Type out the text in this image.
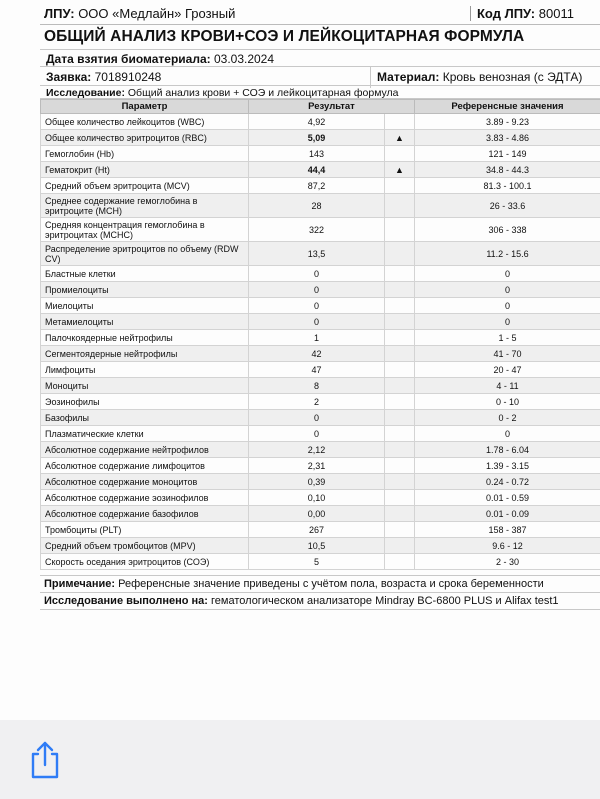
ЛПУ: ООО «Медлайн» Грозный	Код ЛПУ: 80011
ОБЩИЙ АНАЛИЗ КРОВИ+СОЭ И ЛЕЙКОЦИТАРНАЯ ФОРМУЛА
Дата взятия биоматериала: 03.03.2024
Заявка: 7018910248	Материал: Кровь венозная (с ЭДТА)
Исследование: Общий анализ крови + СОЭ и лейкоцитарная формула
Параметр	Результат		Референсные значения
Общее количество лейкоцитов (WBC)	4,92		3.89 - 9.23
Общее количество эритроцитов (RBC)	5,09	▲	3.83 - 4.86
Гемоглобин (Hb)	143		121 - 149
Гематокрит (Ht)	44,4	▲	34.8 - 44.3
Средний объем эритроцита (MCV)	87,2		81.3 - 100.1
Среднее содержание гемоглобина в эритроците (MCH)	28		26 - 33.6
Средняя концентрация гемоглобина в эритроцитах (MCHC)	322		306 - 338
Распределение эритроцитов по объему (RDW CV)	13,5		11.2 - 15.6
Бластные клетки	0		0
Промиелоциты	0		0
Миелоциты	0		0
Метамиелоциты	0		0
Палочкоядерные нейтрофилы	1		1 - 5
Сегментоядерные нейтрофилы	42		41 - 70
Лимфоциты	47		20 - 47
Моноциты	8		4 - 11
Эозинофилы	2		0 - 10
Базофилы	0		0 - 2
Плазматические клетки	0		0
Абсолютное содержание нейтрофилов	2,12		1.78 - 6.04
Абсолютное содержание лимфоцитов	2,31		1.39 - 3.15
Абсолютное содержание моноцитов	0,39		0.24 - 0.72
Абсолютное содержание эозинофилов	0,10		0.01 - 0.59
Абсолютное содержание базофилов	0,00		0.01 - 0.09
Тромбоциты (PLT)	267		158 - 387
Средний объем тромбоцитов (MPV)	10,5		9.6 - 12
Скорость оседания эритроцитов (СОЭ)	5		2 - 30
Примечание: Референсные значение приведены с учётом пола, возраста и срока беременности
Исследование выполнено на: гематологическом анализаторе Mindray BC-6800 PLUS и Alifax test1
